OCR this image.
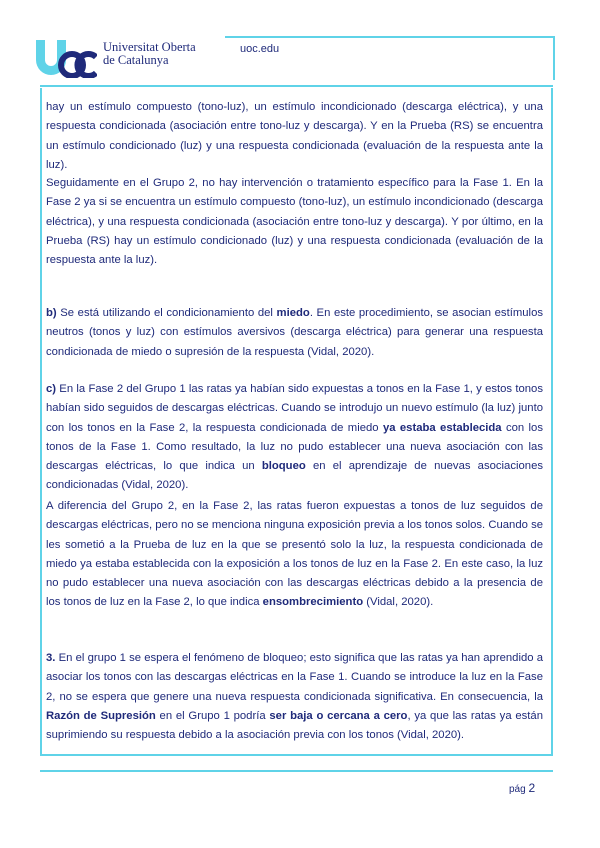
Universitat Oberta
de Catalunya
uoc.edu

hay un estímulo compuesto (tono-luz), un estímulo incondicionado (descarga eléctrica), y una respuesta condicionada (asociación entre tono-luz y descarga). Y en la Prueba (RS) se encuentra un estímulo condicionado (luz) y una respuesta condicionada (evaluación de la respuesta ante la luz).

Seguidamente en el Grupo 2, no hay intervención o tratamiento específico para la Fase 1. En la Fase 2 ya si se encuentra un estímulo compuesto (tono-luz), un estímulo incondicionado (descarga eléctrica), y una respuesta condicionada (asociación entre tono-luz y descarga). Y por último, en la Prueba (RS) hay un estímulo condicionado (luz) y una respuesta condicionada (evaluación de la respuesta ante la luz).

b) Se está utilizando el condicionamiento del miedo. En este procedimiento, se asocian estímulos neutros (tonos y luz) con estímulos aversivos (descarga eléctrica) para generar una respuesta condicionada de miedo o supresión de la respuesta (Vidal, 2020).

c) En la Fase 2 del Grupo 1 las ratas ya habían sido expuestas a tonos en la Fase 1, y estos tonos habían sido seguidos de descargas eléctricas. Cuando se introdujo un nuevo estímulo (la luz) junto con los tonos en la Fase 2, la respuesta condicionada de miedo ya estaba establecida con los tonos de la Fase 1. Como resultado, la luz no pudo establecer una nueva asociación con las descargas eléctricas, lo que indica un bloqueo en el aprendizaje de nuevas asociaciones condicionadas (Vidal, 2020).

A diferencia del Grupo 2, en la Fase 2, las ratas fueron expuestas a tonos de luz seguidos de descargas eléctricas, pero no se menciona ninguna exposición previa a los tonos solos. Cuando se les sometió a la Prueba de luz en la que se presentó solo la luz, la respuesta condicionada de miedo ya estaba establecida con la exposición a los tonos de luz en la Fase 2. En este caso, la luz no pudo establecer una nueva asociación con las descargas eléctricas debido a la presencia de los tonos de luz en la Fase 2, lo que indica ensombrecimiento (Vidal, 2020).

3. En el grupo 1 se espera el fenómeno de bloqueo; esto significa que las ratas ya han aprendido a asociar los tonos con las descargas eléctricas en la Fase 1. Cuando se introduce la luz en la Fase 2, no se espera que genere una nueva respuesta condicionada significativa. En consecuencia, la Razón de Supresión en el Grupo 1 podría ser baja o cercana a cero, ya que las ratas ya están suprimiendo su respuesta debido a la asociación previa con los tonos (Vidal, 2020).

pág 2
